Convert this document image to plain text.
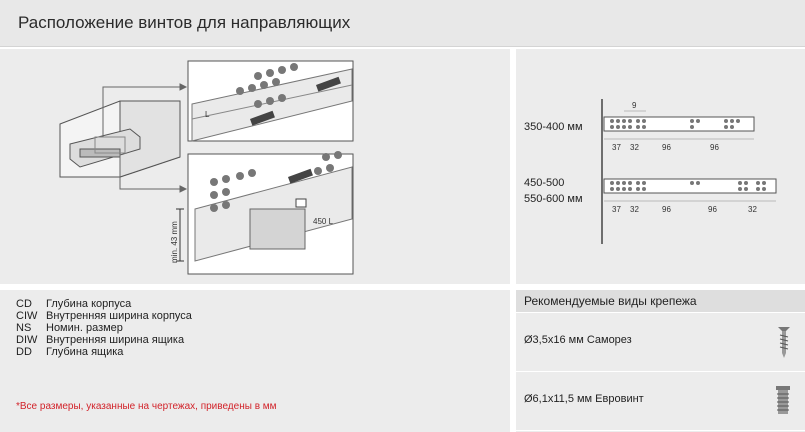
Расположение винтов для направляющих
L
450 L
min. 43 mm
350-400 мм
450-500
550-600 мм
9
37 32	96	96
37 32	96	96	32
CD Глубина корпуса
CIW Внутренняя ширина корпуса
NS Номин. размер
DIW Внутренняя ширина ящика
DD Глубина ящика
*Все размеры, указанные на чертежах, приведены в мм
Рекомендуемые виды крепежа
Ø3,5x16 мм Саморез
Ø6,1x11,5 мм Евровинт
